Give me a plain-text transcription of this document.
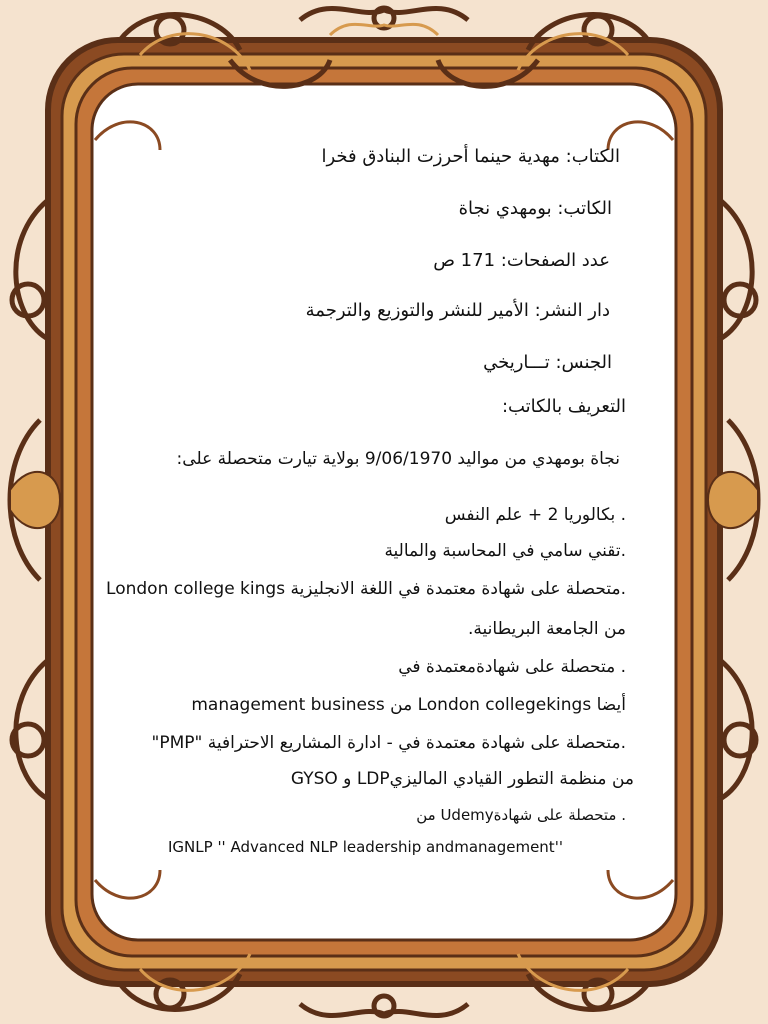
الكتاب: مهدية حينما أحرزت البنادق فخرا
الكاتب: بومهدي نجاة
عدد الصفحات: 171 ص
دار النشر: الأمير للنشر والتوزيع والترجمة
الجنس: تـــاريخي
التعريف بالكاتب:
نجاة بومهدي من مواليد 9/06/1970 بولاية تيارت متحصلة على:
. بكالوريا 2 + علم النفس
.تقني سامي في المحاسبة والمالية
.متحصلة على شهادة معتمدة في اللغة الانجليزية London college kings
من الجامعة البريطانية.
. متحصلة على شهادةمعتمدة في
أيضا London collegekings من management business
.متحصلة على شهادة معتمدة في - ادارة المشاريع الاحترافية "PMP"
من منظمة التطور القيادي الماليزيLDP و GYSO
. متحصلة على شهادةUdemy من
IGNLP '' Advanced NLP leadership andmanagement''
